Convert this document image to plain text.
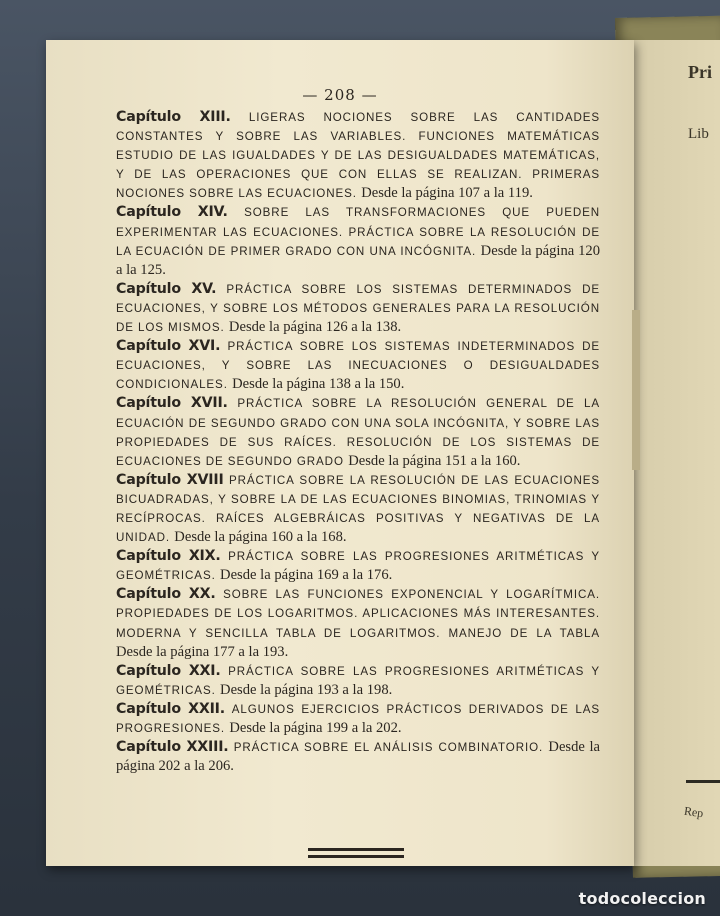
Pri
Lib
Rep
— 208 —
Capítulo XIII. LIGERAS NOCIONES SOBRE LAS CANTIDADES CONSTANTES Y SOBRE LAS VARIABLES. FUNCIONES MATEMÁTICAS ESTUDIO DE LAS IGUALDADES Y DE LAS DESIGUALDADES MATEMÁTICAS, Y DE LAS OPERACIONES QUE CON ELLAS SE REALIZAN. PRIMERAS NOCIONES SOBRE LAS ECUACIONES. Desde la página 107 a la 119.
Capítulo XIV. SOBRE LAS TRANSFORMACIONES QUE PUEDEN EXPERIMENTAR LAS ECUACIONES. PRÁCTICA SOBRE LA RESOLUCIÓN DE LA ECUACIÓN DE PRIMER GRADO CON UNA INCÓGNITA. Desde la página 120 a la 125.
Capítulo XV. PRÁCTICA SOBRE LOS SISTEMAS DETERMINADOS DE ECUACIONES, Y SOBRE LOS MÉTODOS GENERALES PARA LA RESOLUCIÓN DE LOS MISMOS. Desde la página 126 a la 138.
Capítulo XVI. PRÁCTICA SOBRE LOS SISTEMAS INDETERMINADOS DE ECUACIONES, Y SOBRE LAS INECUACIONES O DESIGUALDADES CONDICIONALES. Desde la página 138 a la 150.
Capítulo XVII. PRÁCTICA SOBRE LA RESOLUCIÓN GENERAL DE LA ECUACIÓN DE SEGUNDO GRADO CON UNA SOLA INCÓGNITA, Y SOBRE LAS PROPIEDADES DE SUS RAÍCES. RESOLUCIÓN DE LOS SISTEMAS DE ECUACIONES DE SEGUNDO GRADO Desde la página 151 a la 160.
Capítulo XVIII PRÁCTICA SOBRE LA RESOLUCIÓN DE LAS ECUACIONES BICUADRADAS, Y SOBRE LA DE LAS ECUACIONES BINOMIAS, TRINOMIAS Y RECÍPROCAS. RAÍCES ALGEBRÁICAS POSITIVAS Y NEGATIVAS DE LA UNIDAD. Desde la página 160 a la 168.
Capítulo XIX. PRÁCTICA SOBRE LAS PROGRESIONES ARITMÉTICAS Y GEOMÉTRICAS. Desde la página 169 a la 176.
Capítulo XX. SOBRE LAS FUNCIONES EXPONENCIAL Y LOGARÍTMICA. PROPIEDADES DE LOS LOGARITMOS. APLICACIONES MÁS INTERESANTES. MODERNA Y SENCILLA TABLA DE LOGARITMOS. MANEJO DE LA TABLA Desde la página 177 a la 193.
Capítulo XXI. PRÁCTICA SOBRE LAS PROGRESIONES ARITMÉTICAS Y GEOMÉTRICAS. Desde la página 193 a la 198.
Capítulo XXII. ALGUNOS EJERCICIOS PRÁCTICOS DERIVADOS DE LAS PROGRESIONES. Desde la página 199 a la 202.
Capítulo XXIII. PRÁCTICA SOBRE EL ANÁLISIS COMBINATORIO. Desde la página 202 a la 206.
todocoleccion
